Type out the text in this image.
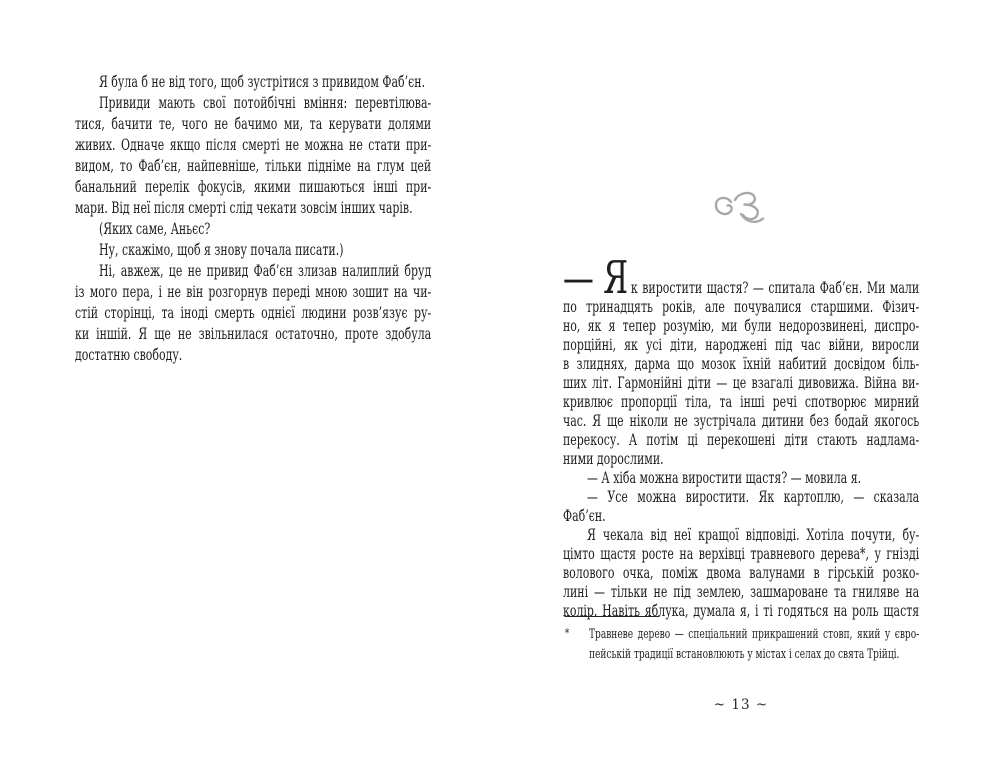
Я була б не від того, щоб зустрітися з привидом Фаб’єн.
Привиди мають свої потойбічні вміння: перевтілюва-
тися, бачити те, чого не бачимо ми, та керувати долями
живих. Одначе якщо після смерті не можна не стати при-
видом, то Фаб’єн, найпевніше, тільки підніме на глум цей
банальний перелік фокусів, якими пишаються інші при-
мари. Від неї після смерті слід чекати зовсім інших чарів.
(Яких саме, Аньєс?
Ну, скажімо, щоб я знову почала писати.)
Ні, авжеж, це не привид Фаб’єн злизав налиплий бруд
із мого пера, і не він розгорнув переді мною зошит на чи-
стій сторінці, та іноді смерть однієї людини розв’язує ру-
ки іншій. Я ще не звільнилася остаточно, проте здобула
достатню свободу.
— Я к виростити щастя? — спитала Фаб’єн. Ми мали
по тринадцять років, але почувалися старшими. Фізич-
но, як я тепер розумію, ми були недорозвинені, диспро-
порційні, як усі діти, народжені під час війни, виросли
в злиднях, дарма що мозок їхній набитий досвідом біль-
ших літ. Гармонійні діти — це взагалі дивовижа. Війна ви-
кривлює пропорції тіла, та інші речі спотворює мирний
час. Я ще ніколи не зустрічала дитини без бодай якогось
перекосу. А потім ці перекошені діти стають надлама-
ними дорослими.
— А хіба можна виростити щастя? — мовила я.
— Усе можна виростити. Як картоплю, — сказала Фаб’єн.
Я чекала від неї кращої відповіді. Хотіла почути, бу-
цімто щастя росте на верхівці травневого дерева*, у гнізді
волового очка, поміж двома валунами в гірській розко-
лині — тільки не під землею, зашмароване та гниляве на
колір. Навіть яблука, думала я, і ті годяться на роль щастя
* Травневе дерево — спеціальний прикрашений стовп, який у євро-
пейській традиції встановлюють у містах і селах до свята Трійці.
~ 13 ~
